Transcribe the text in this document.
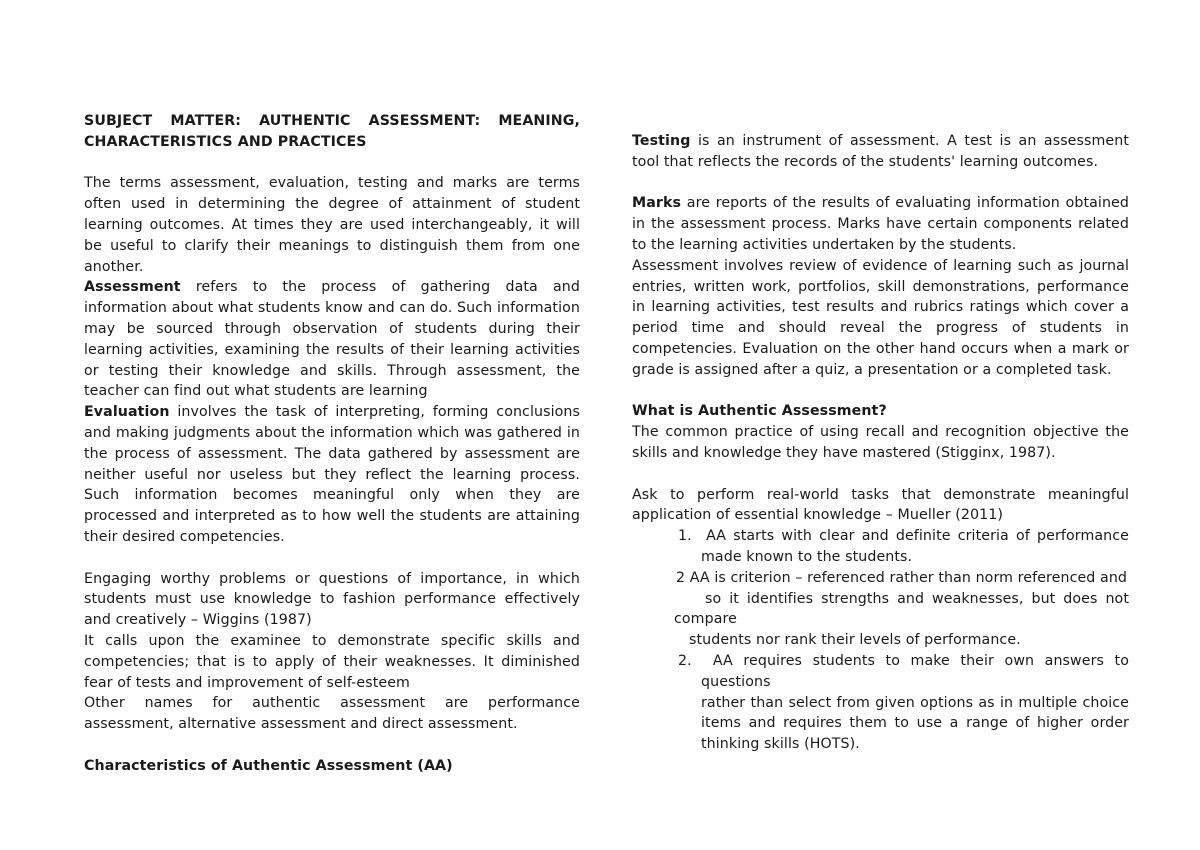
SUBJECT MATTER: AUTHENTIC ASSESSMENT: MEANING,

CHARACTERISTICS AND PRACTICES

The terms assessment, evaluation, testing and marks are terms often used in determining the degree of attainment of student learning outcomes. At times they are used interchangeably, it will be useful to clarify their meanings to distinguish them from one another.

Assessment refers to the process of gathering data and information about what students know and can do. Such information may be sourced through observation of students during their learning activities, examining the results of their learning activities or testing their knowledge and skills. Through assessment, the teacher can find out what students are learning

Evaluation involves the task of interpreting, forming conclusions and making judgments about the information which was gathered in the process of assessment. The data gathered by assessment are neither useful nor useless but they reflect the learning process. Such information becomes meaningful only when they are processed and interpreted as to how well the students are attaining their desired competencies.

Engaging worthy problems or questions of importance, in which students must use knowledge to fashion performance effectively and creatively – Wiggins (1987)

It calls upon the examinee to demonstrate specific skills and competencies; that is to apply of their weaknesses. It diminished fear of tests and improvement of self-esteem

Other names for authentic assessment are performance assessment, alternative assessment and direct assessment.

Characteristics of Authentic Assessment (AA)

Testing is an instrument of assessment. A test is an assessment tool that reflects the records of the students' learning outcomes.

Marks are reports of the results of evaluating information obtained in the assessment process. Marks have certain components related to the learning activities undertaken by the students.

Assessment involves review of evidence of learning such as journal entries, written work, portfolios, skill demonstrations, performance in learning activities, test results and rubrics ratings which cover a period time and should reveal the progress of students in competencies. Evaluation on the other hand occurs when a mark or grade is assigned after a quiz, a presentation or a completed task.

What is Authentic Assessment?

The common practice of using recall and recognition objective the skills and knowledge they have mastered (Stigginx, 1987).

Ask to perform real-world tasks that demonstrate meaningful application of essential knowledge – Mueller (2011)

1. AA starts with clear and definite criteria of performance

made known to the students.

2 AA is criterion – referenced rather than norm referenced and

so it identifies strengths and weaknesses, but does not

compare

students nor rank their levels of performance.

2. AA requires students to make their own answers to

questions

rather than select from given options as in multiple choice

items and requires them to use a range of higher order

thinking skills (HOTS).
